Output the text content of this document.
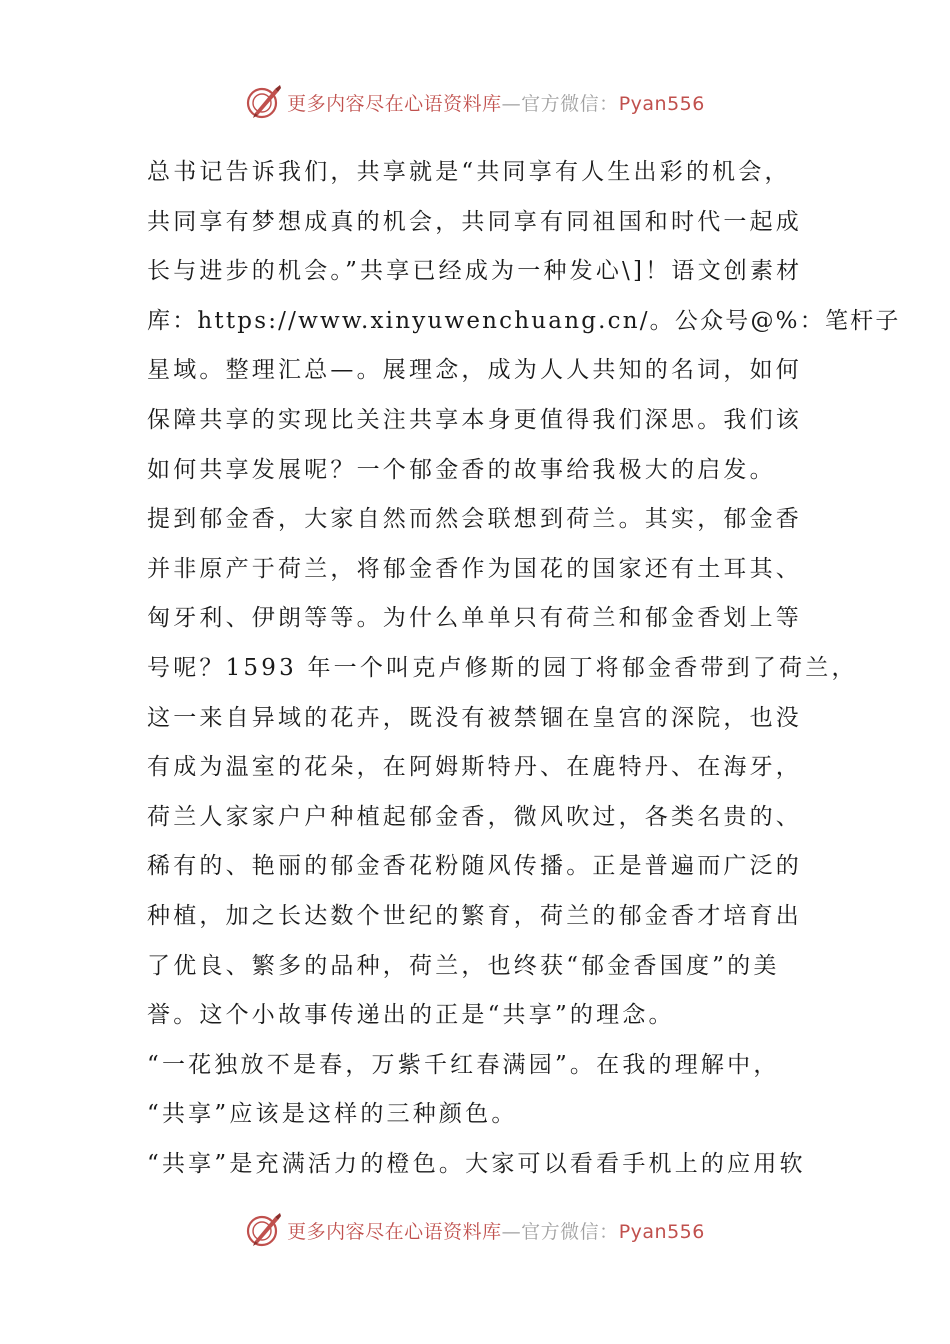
更多内容尽在心语资料库—官方微信：Pyan556
总书记告诉我们，共享就是“共同享有人生出彩的机会，
共同享有梦想成真的机会，共同享有同祖国和时代一起成
长与进步的机会。”共享已经成为一种发心\]！语文创素材
库：https://www.xinyuwenchuang.cn/。公众号@%：笔杆子
星域。整理汇总—。展理念，成为人人共知的名词，如何
保障共享的实现比关注共享本身更值得我们深思。我们该
如何共享发展呢？一个郁金香的故事给我极大的启发。
提到郁金香，大家自然而然会联想到荷兰。其实，郁金香
并非原产于荷兰，将郁金香作为国花的国家还有土耳其、
匈牙利、伊朗等等。为什么单单只有荷兰和郁金香划上等
号呢？1593 年一个叫克卢修斯的园丁将郁金香带到了荷兰，
这一来自异域的花卉，既没有被禁锢在皇宫的深院，也没
有成为温室的花朵，在阿姆斯特丹、在鹿特丹、在海牙，
荷兰人家家户户种植起郁金香，微风吹过，各类名贵的、
稀有的、艳丽的郁金香花粉随风传播。正是普遍而广泛的
种植，加之长达数个世纪的繁育，荷兰的郁金香才培育出
了优良、繁多的品种，荷兰，也终获“郁金香国度”的美
誉。这个小故事传递出的正是“共享”的理念。
“一花独放不是春，万紫千红春满园”。在我的理解中，
“共享”应该是这样的三种颜色。
“共享”是充满活力的橙色。大家可以看看手机上的应用软
更多内容尽在心语资料库—官方微信：Pyan556
